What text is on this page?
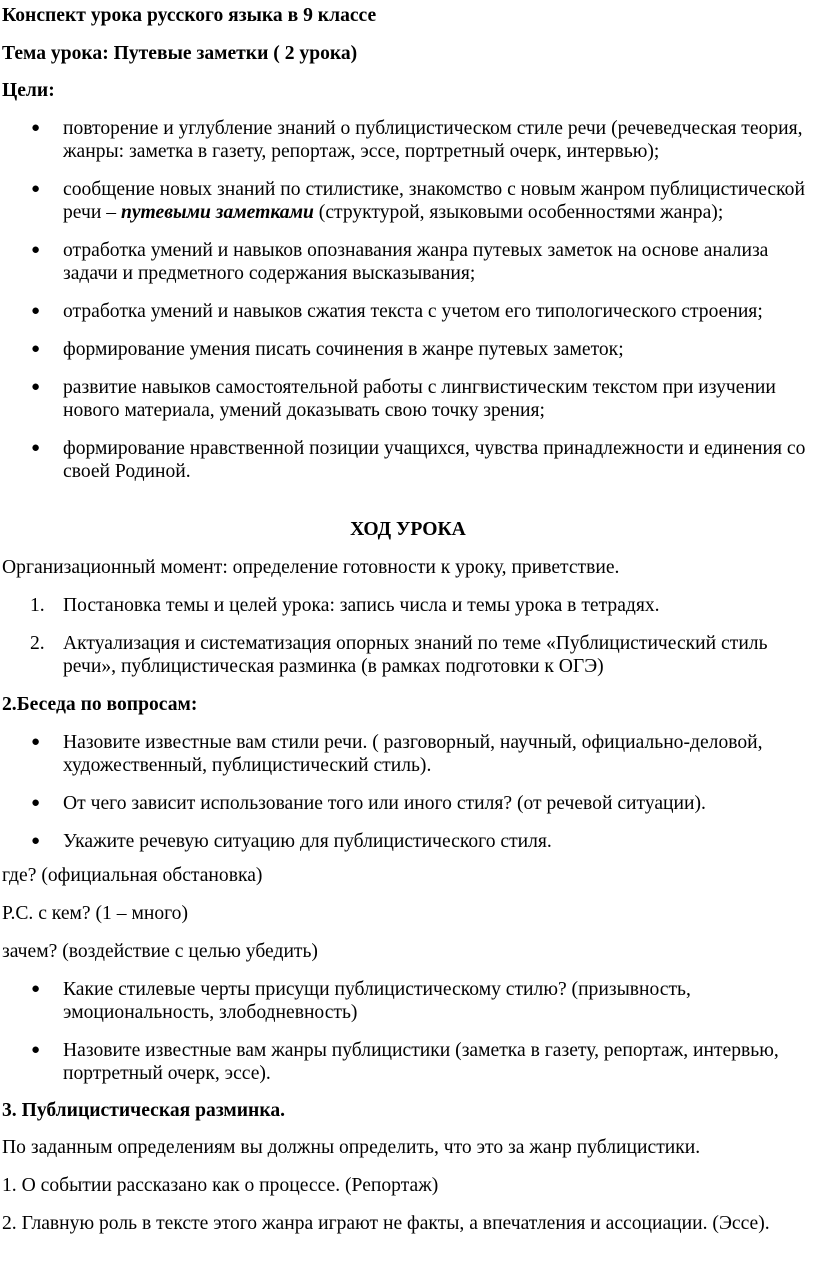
Конспект урока русского языка в 9 классе

Тема урока: Путевые заметки ( 2 урока)

Цели:

● повторение и углубление знаний о публицистическом стиле речи (речеведческая теория, жанры: заметка в газету, репортаж, эссе, портретный очерк, интервью);
● сообщение новых знаний по стилистике, знакомство с новым жанром публицистической речи – путевыми заметками (структурой, языковыми особенностями жанра);
● отработка умений и навыков опознавания жанра путевых заметок на основе анализа задачи и предметного содержания высказывания;
● отработка умений и навыков сжатия текста с учетом его типологического строения;
● формирование умения писать сочинения в жанре путевых заметок;
● развитие навыков самостоятельной работы с лингвистическим текстом при изучении нового материала, умений доказывать свою точку зрения;
● формирование нравственной позиции учащихся, чувства принадлежности и единения со своей Родиной.

ХОД УРОКА

Организационный момент: определение готовности к уроку, приветствие.

1. Постановка темы и целей урока: запись числа и темы урока в тетрадях.
2. Актуализация и систематизация опорных знаний по теме «Публицистический стиль речи», публицистическая разминка (в рамках подготовки к ОГЭ)

2.Беседа по вопросам:

● Назовите известные вам стили речи. ( разговорный, научный, официально-деловой, художественный, публицистический стиль).
● От чего зависит использование того или иного стиля? (от речевой ситуации).
● Укажите речевую ситуацию для публицистического стиля.

где? (официальная обстановка)

Р.С. с кем? (1 – много)

зачем? (воздействие с целью убедить)

● Какие стилевые черты присущи публицистическому стилю? (призывность, эмоциональность, злободневность)
● Назовите известные вам жанры публицистики (заметка в газету, репортаж, интервью, портретный очерк, эссе).

3. Публицистическая разминка.

По заданным определениям вы должны определить, что это за жанр публицистики.

1. О событии рассказано как о процессе. (Репортаж)

2. Главную роль в тексте этого жанра играют не факты, а впечатления и ассоциации. (Эссе).
